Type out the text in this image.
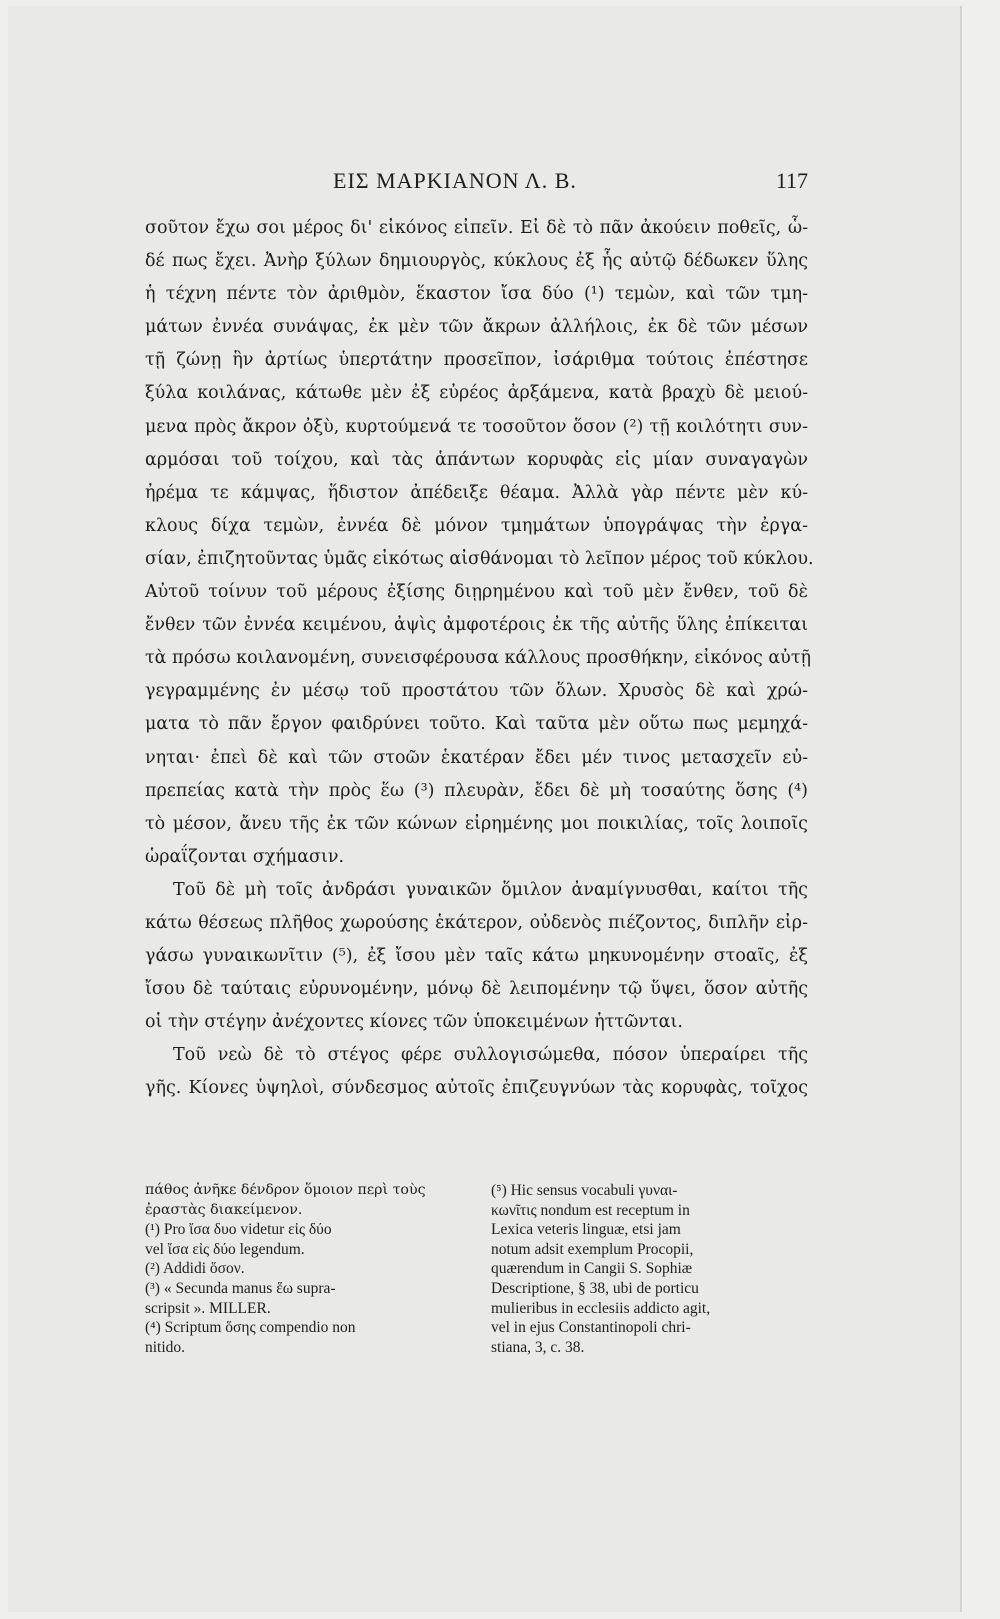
ΕΙΣ ΜΑΡΚΙΑΝΟΝ Λ. Β.	117
σοῦτον ἔχω σοι μέρος δι' εἰκόνος εἰπεῖν. Εἰ δὲ τὸ πᾶν ἀκούειν ποθεῖς, ὧ-
δέ πως ἔχει. Ἀνὴρ ξύλων δημιουργὸς, κύκλους ἐξ ἧς αὐτῷ δέδωκεν ὕλης
ἡ τέχνη πέντε τὸν ἀριθμὸν, ἕκαστον ἴσα δύο (¹) τεμὼν, καὶ τῶν τμη-
μάτων ἐννέα συνάψας, ἐκ μὲν τῶν ἄκρων ἀλλήλοις, ἐκ δὲ τῶν μέσων
τῇ ζώνῃ ἣν ἀρτίως ὑπερτάτην προσεῖπον, ἰσάριθμα τούτοις ἐπέστησε
ξύλα κοιλάνας, κάτωθε μὲν ἐξ εὐρέος ἀρξάμενα, κατὰ βραχὺ δὲ μειού-
μενα πρὸς ἄκρον ὀξὺ, κυρτούμενά τε τοσοῦτον ὅσον (²) τῇ κοιλότητι συν-
αρμόσαι τοῦ τοίχου, καὶ τὰς ἁπάντων κορυφὰς εἰς μίαν συναγαγὼν
ἠρέμα τε κάμψας, ἥδιστον ἀπέδειξε θέαμα. Ἀλλὰ γὰρ πέντε μὲν κύ-
κλους δίχα τεμὼν, ἐννέα δὲ μόνον τμημάτων ὑπογράψας τὴν ἐργα-
σίαν, ἐπιζητοῦντας ὑμᾶς εἰκότως αἰσθάνομαι τὸ λεῖπον μέρος τοῦ κύκλου.
Αὐτοῦ τοίνυν τοῦ μέρους ἐξίσης διῃρημένου καὶ τοῦ μὲν ἔνθεν, τοῦ δὲ
ἔνθεν τῶν ἐννέα κειμένου, ἀψὶς ἀμφοτέροις ἐκ τῆς αὐτῆς ὕλης ἐπίκειται
τὰ πρόσω κοιλανομένη, συνεισφέρουσα κάλλους προσθήκην, εἰκόνος αὐτῇ
γεγραμμένης ἐν μέσῳ τοῦ προστάτου τῶν ὅλων. Χρυσὸς δὲ καὶ χρώ-
ματα τὸ πᾶν ἔργον φαιδρύνει τοῦτο. Καὶ ταῦτα μὲν οὕτω πως μεμηχά-
νηται· ἐπεὶ δὲ καὶ τῶν στοῶν ἑκατέραν ἔδει μέν τινος μετασχεῖν εὐ-
πρεπείας κατὰ τὴν πρὸς ἕω (³) πλευρὰν, ἔδει δὲ μὴ τοσαύτης ὅσης (⁴)
τὸ μέσον, ἄνευ τῆς ἐκ τῶν κώνων εἰρημένης μοι ποικιλίας, τοῖς λοιποῖς
ὡραΐζονται σχήμασιν.
Τοῦ δὲ μὴ τοῖς ἀνδράσι γυναικῶν ὅμιλον ἀναμίγνυσθαι, καίτοι τῆς
κάτω θέσεως πλῆθος χωρούσης ἑκάτερον, οὐδενὸς πιέζοντος, διπλῆν εἰρ-
γάσω γυναικωνῖτιν (⁵), ἐξ ἴσου μὲν ταῖς κάτω μηκυνομένην στοαῖς, ἐξ
ἴσου δὲ ταύταις εὐρυνομένην, μόνῳ δὲ λειπομένην τῷ ὕψει, ὅσον αὐτῆς
οἱ τὴν στέγην ἀνέχοντες κίονες τῶν ὑποκειμένων ἡττῶνται.
Τοῦ νεὼ δὲ τὸ στέγος φέρε συλλογισώμεθα, πόσον ὑπεραίρει τῆς
γῆς. Κίονες ὑψηλοὶ, σύνδεσμος αὐτοῖς ἐπιζευγνύων τὰς κορυφὰς, τοῖχος
πάθος ἀνῆκε δένδρον ὅμοιον περὶ τοὺς
ἐραστὰς διακείμενον.
(¹) Pro ἴσα δυο videtur εἰς δύο
vel ἴσα εἰς δύο legendum.
(²) Addidi ὅσον.
(³) « Secunda manus ἕω supra-
scripsit ». MILLER.
(⁴) Scriptum ὅσης compendio non
nitido.
(⁵) Hic sensus vocabuli γυναι-
κωνῖτις nondum est receptum in
Lexica veteris linguæ, etsi jam
notum adsit exemplum Procopii,
quærendum in Cangii S. Sophiæ
Descriptione, § 38, ubi de porticu
mulieribus in ecclesiis addicto agit,
vel in ejus Constantinopoli chri-
stiana, 3, c. 38.
